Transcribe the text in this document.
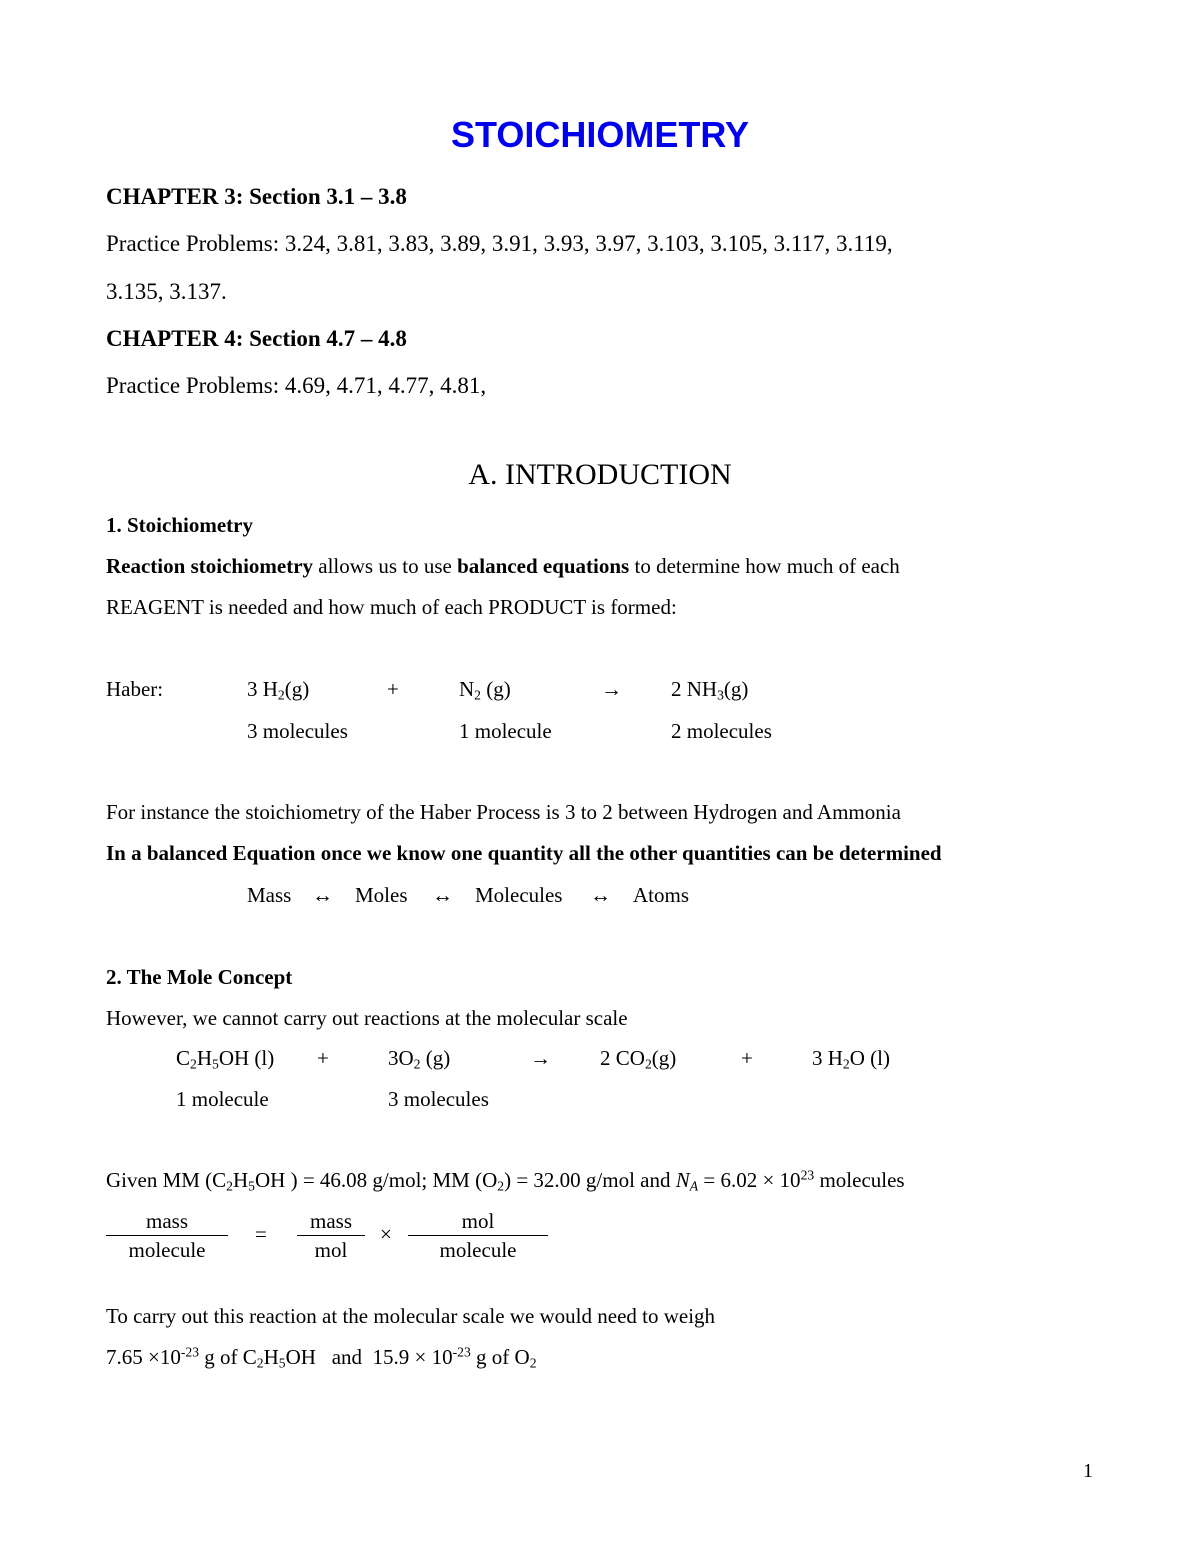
STOICHIOMETRY
CHAPTER 3: Section 3.1 – 3.8
Practice Problems: 3.24, 3.81, 3.83, 3.89, 3.91, 3.93, 3.97, 3.103, 3.105, 3.117, 3.119,
3.135, 3.137.
CHAPTER 4: Section 4.7 – 4.8
Practice Problems: 4.69, 4.71, 4.77, 4.81,
A. INTRODUCTION
1. Stoichiometry
Reaction stoichiometry allows us to use balanced equations to determine how much of each
REAGENT is needed and how much of each PRODUCT is formed:
Haber:	3 $H_2(g)$	+	$N_2$ (g)	→ 2 $NH_3(g)$
3 molecules	1 molecule	2 molecules
For instance the stoichiometry of the Haber Process is 3 to 2 between Hydrogen and Ammonia
In a balanced Equation once we know one quantity all the other quantities can be determined
Mass ↔ Moles ↔ Molecules ↔ Atoms
2. The Mole Concept
However, we cannot carry out reactions at the molecular scale
$C_2H_5OH$ (l) +	$3O_2$ (g)	→ 2 $CO_2(g)$	+	3 $H_2O$ (l)
1 molecule	3 molecules
Given MM ($C_2H_5OH$ ) = 46.08 g/mol; MM $(O_2) = 32.00$ g/mol and $N_A = 6.02 \times 10^{23}$ molecules
mass
molecule
=
mass
mol
×
mol
molecule
To carry out this reaction at the molecular scale we would need to weigh
$7.65 \times 10^{-23}$ g of $C_2H_5OH$   and  $15.9 \times 10^{-23}$ g of $O_2$
1
